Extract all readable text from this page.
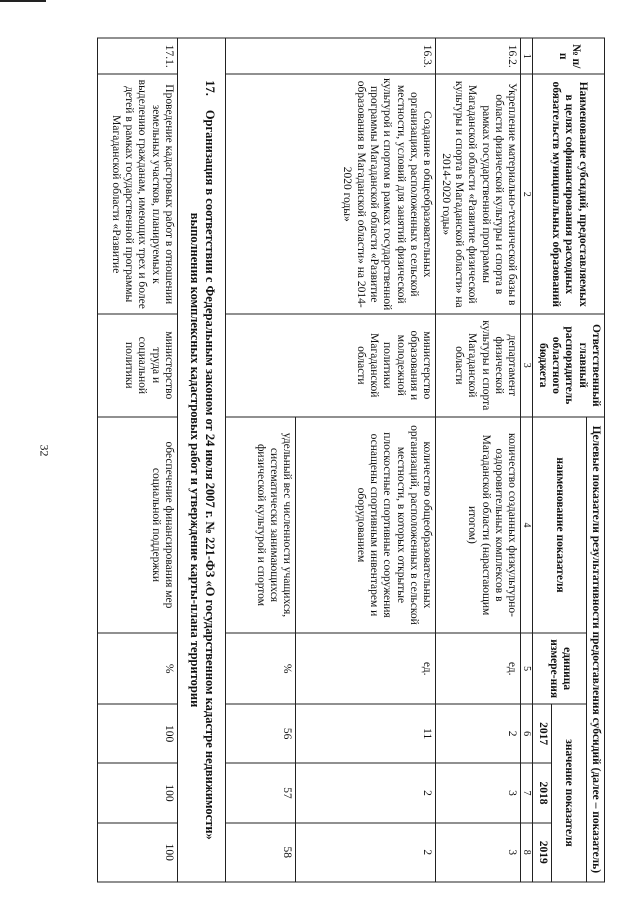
32
№ п/п	Наименование субсидий, предоставляемых в целях софинансирования расходных обязательств муниципальных образований	Ответственный главный распорядитель областного бюджета	Целевые показатели результативности предоставления субсидий (далее – показатель)				
			наименование показателя	единица измере-ния	значение показателя		
					2017	2018	2019
1	2	3	4	5	6	7	8
16.2.	Укрепление материально-технической базы в области физической культуры и спорта в рамках государственной программы Магаданской области «Развитие физической культуры и спорта в Магаданской области» на 2014-2020 годы»	департамент физической культуры и спорта Магаданской области	количество созданных физкультурно-оздоровительных комплексов в Магаданской области (нарастающим итогом)	ед.	2	3	3
16.3.	Создание в общеобразовательных организациях, расположенных в сельской местности, условий для занятий физической культурой и спортом в рамках государственной программы Магаданской области «Развитие образования в Магаданской области» на 2014-2020 годы»	министерство образования и молодежной политики Магаданской области	количество общеобразовательных организаций, расположенных в сельской местности, в которых открытые плоскостные спортивные сооружения оснащены спортивным инвентарем и оборудованием	ед.	11	2	2
			удельный вес численности учащихся, систематически занимающихся физической культурой и спортом	%	56	57	58
17.Организация в соответствии с Федеральным законом от 24 июля 2007 г. № 221-ФЗ «О государственном кадастре недвижимости» выполнения комплексных кадастровых работ и утверждение карты-плана территории							
17.1.	Проведение кадастровых работ в отношении земельных участков, планируемых к выделению гражданам, имеющих трех и более детей в рамках государственной программы Магаданской области «Развитие	министерство труда и социальной политики	обеспечение финансирования мер социальной поддержки	%	100	100	100
